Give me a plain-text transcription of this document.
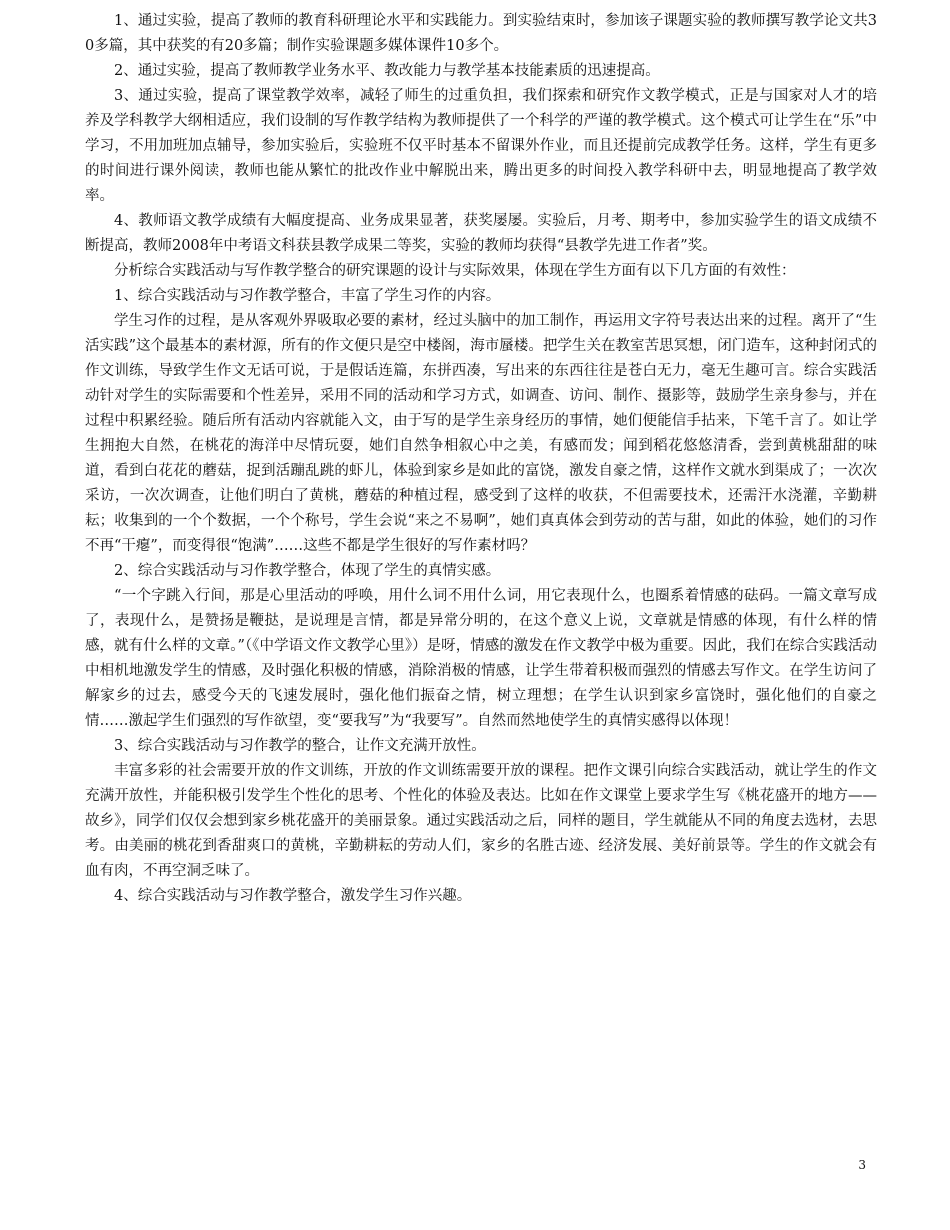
1、通过实验，提高了教师的教育科研理论水平和实践能力。到实验结束时，参加该子课题实验的教师撰写教学论文共30多篇，其中获奖的有20多篇；制作实验课题多媒体课件10多个。

2、通过实验，提高了教师教学业务水平、教改能力与教学基本技能素质的迅速提高。

3、通过实验，提高了课堂教学效率，减轻了师生的过重负担，我们探索和研究作文教学模式，正是与国家对人才的培养及学科教学大纲相适应，我们设制的写作教学结构为教师提供了一个科学的严谨的教学模式。这个模式可让学生在“乐”中学习，不用加班加点辅导，参加实验后，实验班不仅平时基本不留课外作业，而且还提前完成教学任务。这样，学生有更多的时间进行课外阅读，教师也能从繁忙的批改作业中解脱出来，腾出更多的时间投入教学科研中去，明显地提高了教学效率。

4、教师语文教学成绩有大幅度提高、业务成果显著，获奖屡屡。实验后，月考、期考中，参加实验学生的语文成绩不断提高，教师2008年中考语文科获县教学成果二等奖，实验的教师均获得“县教学先进工作者”奖。

分析综合实践活动与写作教学整合的研究课题的设计与实际效果，体现在学生方面有以下几方面的有效性：

1、综合实践活动与习作教学整合，丰富了学生习作的内容。

学生习作的过程，是从客观外界吸取必要的素材，经过头脑中的加工制作，再运用文字符号表达出来的过程。离开了“生活实践”这个最基本的素材源，所有的作文便只是空中楼阁，海市蜃楼。把学生关在教室苦思冥想，闭门造车，这种封闭式的作文训练，导致学生作文无话可说，于是假话连篇，东拼西凑，写出来的东西往往是苍白无力，毫无生趣可言。综合实践活动针对学生的实际需要和个性差异，采用不同的活动和学习方式，如调查、访问、制作、摄影等，鼓励学生亲身参与，并在过程中积累经验。随后所有活动内容就能入文，由于写的是学生亲身经历的事情，她们便能信手拈来，下笔千言了。如让学生拥抱大自然，在桃花的海洋中尽情玩耍，她们自然争相叙心中之美，有感而发；闻到稻花悠悠清香，尝到黄桃甜甜的味道，看到白花花的蘑菇，捉到活蹦乱跳的虾儿，体验到家乡是如此的富饶，激发自豪之情，这样作文就水到渠成了；一次次采访，一次次调查，让他们明白了黄桃，蘑菇的种植过程，感受到了这样的收获，不但需要技术，还需汗水浇灌，辛勤耕耘；收集到的一个个数据，一个个称号，学生会说“来之不易啊”，她们真真体会到劳动的苦与甜，如此的体验，她们的习作不再“干瘪”，而变得很“饱满”……这些不都是学生很好的写作素材吗？

2、综合实践活动与习作教学整合，体现了学生的真情实感。

“一个字跳入行间，那是心里活动的呼唤，用什么词不用什么词，用它表现什么，也圈系着情感的砝码。一篇文章写成了，表现什么，是赞扬是鞭挞，是说理是言情，都是异常分明的，在这个意义上说，文章就是情感的体现，有什么样的情感，就有什么样的文章。”（《中学语文作文教学心里》）是呀，情感的激发在作文教学中极为重要。因此，我们在综合实践活动中相机地激发学生的情感，及时强化积极的情感，消除消极的情感，让学生带着积极而强烈的情感去写作文。在学生访问了解家乡的过去，感受今天的飞速发展时，强化他们振奋之情，树立理想；在学生认识到家乡富饶时，强化他们的自豪之情……激起学生们强烈的写作欲望，变“要我写”为“我要写”。自然而然地使学生的真情实感得以体现！

3、综合实践活动与习作教学的整合，让作文充满开放性。

丰富多彩的社会需要开放的作文训练，开放的作文训练需要开放的课程。把作文课引向综合实践活动，就让学生的作文充满开放性，并能积极引发学生个性化的思考、个性化的体验及表达。比如在作文课堂上要求学生写《桃花盛开的地方——故乡》，同学们仅仅会想到家乡桃花盛开的美丽景象。通过实践活动之后，同样的题目，学生就能从不同的角度去选材，去思考。由美丽的桃花到香甜爽口的黄桃，辛勤耕耘的劳动人们，家乡的名胜古迹、经济发展、美好前景等。学生的作文就会有血有肉，不再空洞乏味了。

4、综合实践活动与习作教学整合，激发学生习作兴趣。

3
